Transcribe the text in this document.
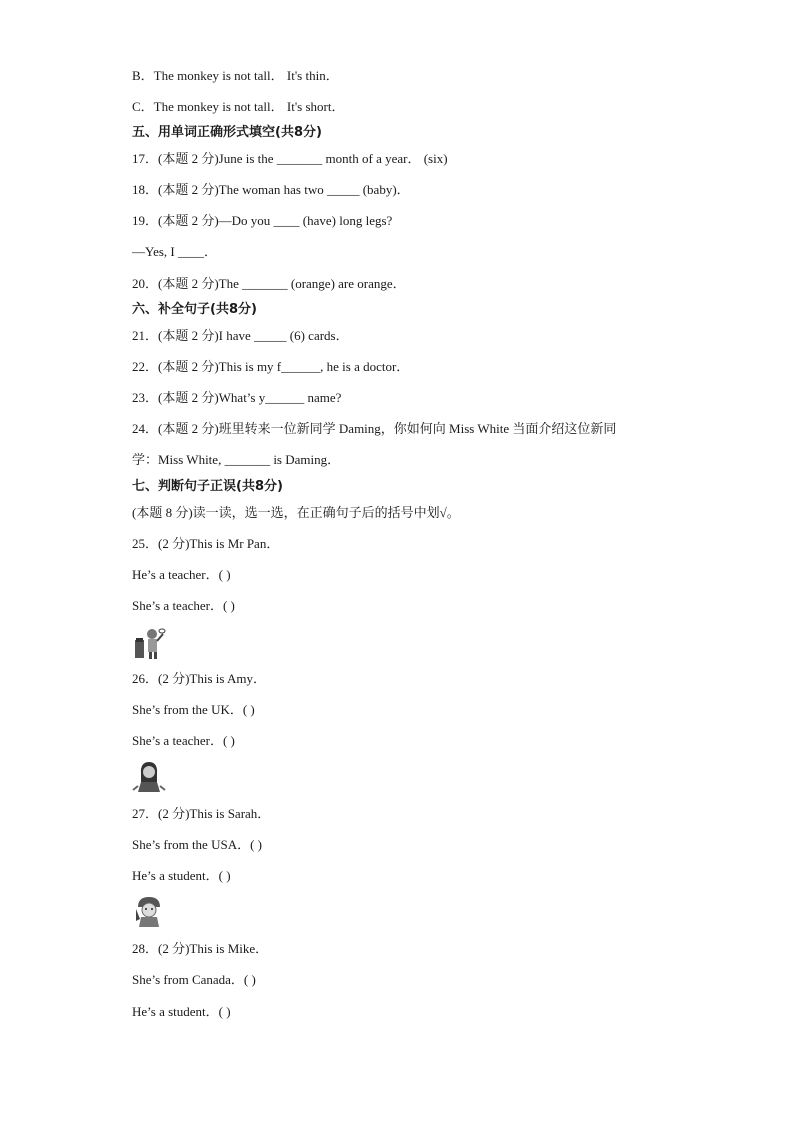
B．The monkey is not tall． It's thin．
C．The monkey is not tall． It's short．
五、用单词正确形式填空(共8分)
17．(本题 2 分)June is the _______ month of a year． (six)
18．(本题 2 分)The woman has two _____ (baby)．
19．(本题 2 分)—Do you ____ (have) long legs?
—Yes, I ____．
20．(本题 2 分)The _______ (orange) are orange．
六、补全句子(共8分)
21．(本题 2 分)I have _____ (6) cards．
22．(本题 2 分)This is my f______, he is a doctor．
23．(本题 2 分)What’s y______ name?
24．(本题 2 分)班里转来一位新同学 Daming，你如何向 Miss White 当面介绍这位新同
学：Miss White, _______ is Daming．
七、判断句子正误(共8分)
(本题 8 分)读一读，选一选，在正确句子后的括号中划√。
25．(2 分)This is Mr Pan．
He’s a teacher．( )
She’s a teacher．( )
26．(2 分)This is Amy．
She’s from the UK．( )
She’s a teacher．( )
27．(2 分)This is Sarah．
She’s from the USA．( )
He’s a student．( )
28．(2 分)This is Mike．
She’s from Canada．( )
He’s a student．( )
